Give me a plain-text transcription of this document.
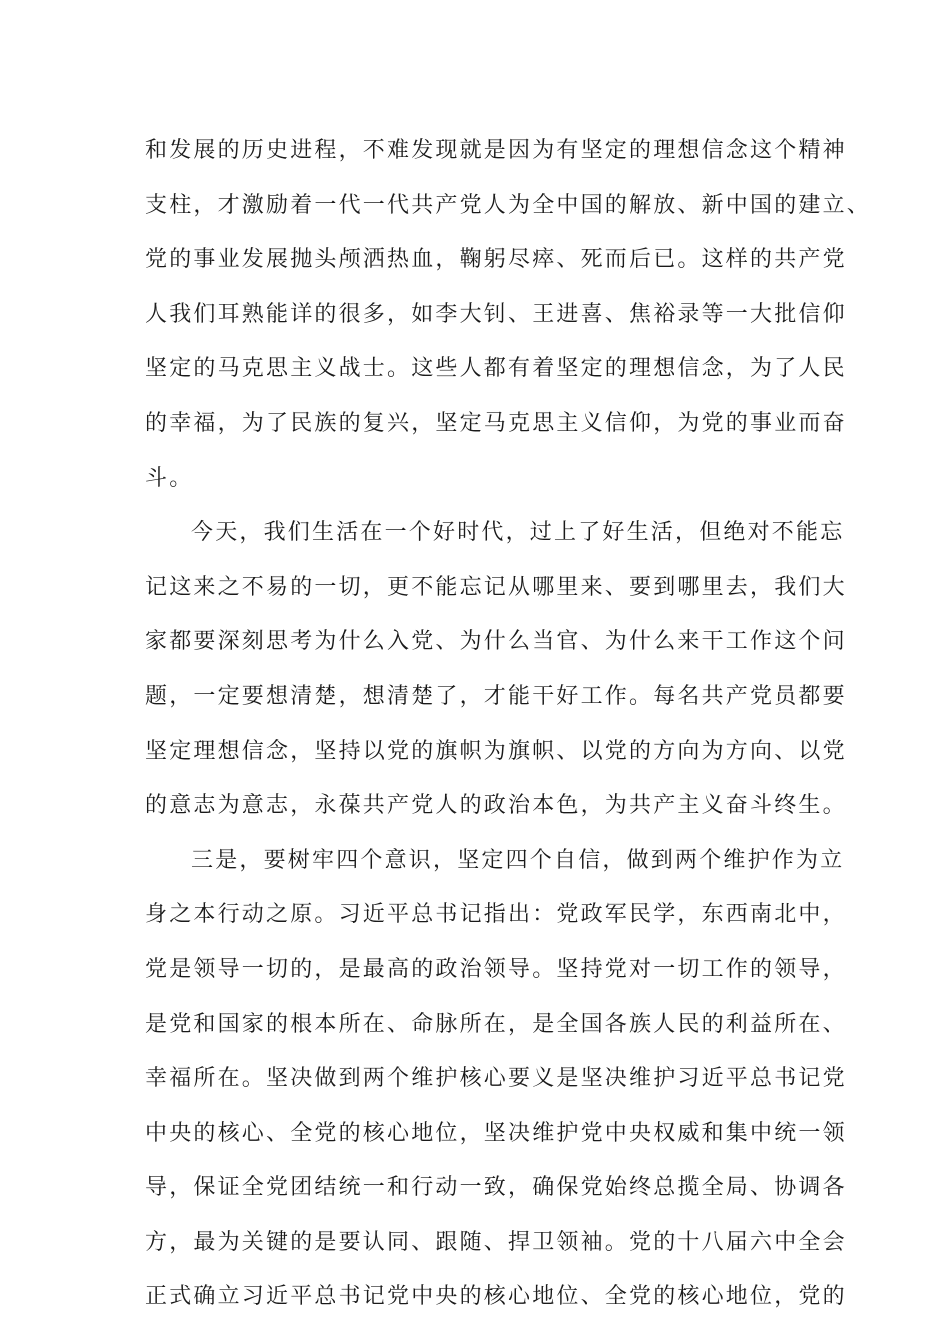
和发展的历史进程，不难发现就是因为有坚定的理想信念这个精神
支柱，才激励着一代一代共产党人为全中国的解放、新中国的建立、
党的事业发展抛头颅洒热血，鞠躬尽瘁、死而后已。这样的共产党
人我们耳熟能详的很多，如李大钊、王进喜、焦裕录等一大批信仰
坚定的马克思主义战士。这些人都有着坚定的理想信念，为了人民
的幸福，为了民族的复兴，坚定马克思主义信仰，为党的事业而奋
斗。
今天，我们生活在一个好时代，过上了好生活，但绝对不能忘
记这来之不易的一切，更不能忘记从哪里来、要到哪里去，我们大
家都要深刻思考为什么入党、为什么当官、为什么来干工作这个问
题，一定要想清楚，想清楚了，才能干好工作。每名共产党员都要
坚定理想信念，坚持以党的旗帜为旗帜、以党的方向为方向、以党
的意志为意志，永葆共产党人的政治本色，为共产主义奋斗终生。
三是，要树牢四个意识，坚定四个自信，做到两个维护作为立
身之本行动之原。习近平总书记指出：党政军民学，东西南北中，
党是领导一切的，是最高的政治领导。坚持党对一切工作的领导，
是党和国家的根本所在、命脉所在，是全国各族人民的利益所在、
幸福所在。坚决做到两个维护核心要义是坚决维护习近平总书记党
中央的核心、全党的核心地位，坚决维护党中央权威和集中统一领
导，保证全党团结统一和行动一致，确保党始终总揽全局、协调各
方，最为关键的是要认同、跟随、捍卫领袖。党的十八届六中全会
正式确立习近平总书记党中央的核心地位、全党的核心地位，党的
